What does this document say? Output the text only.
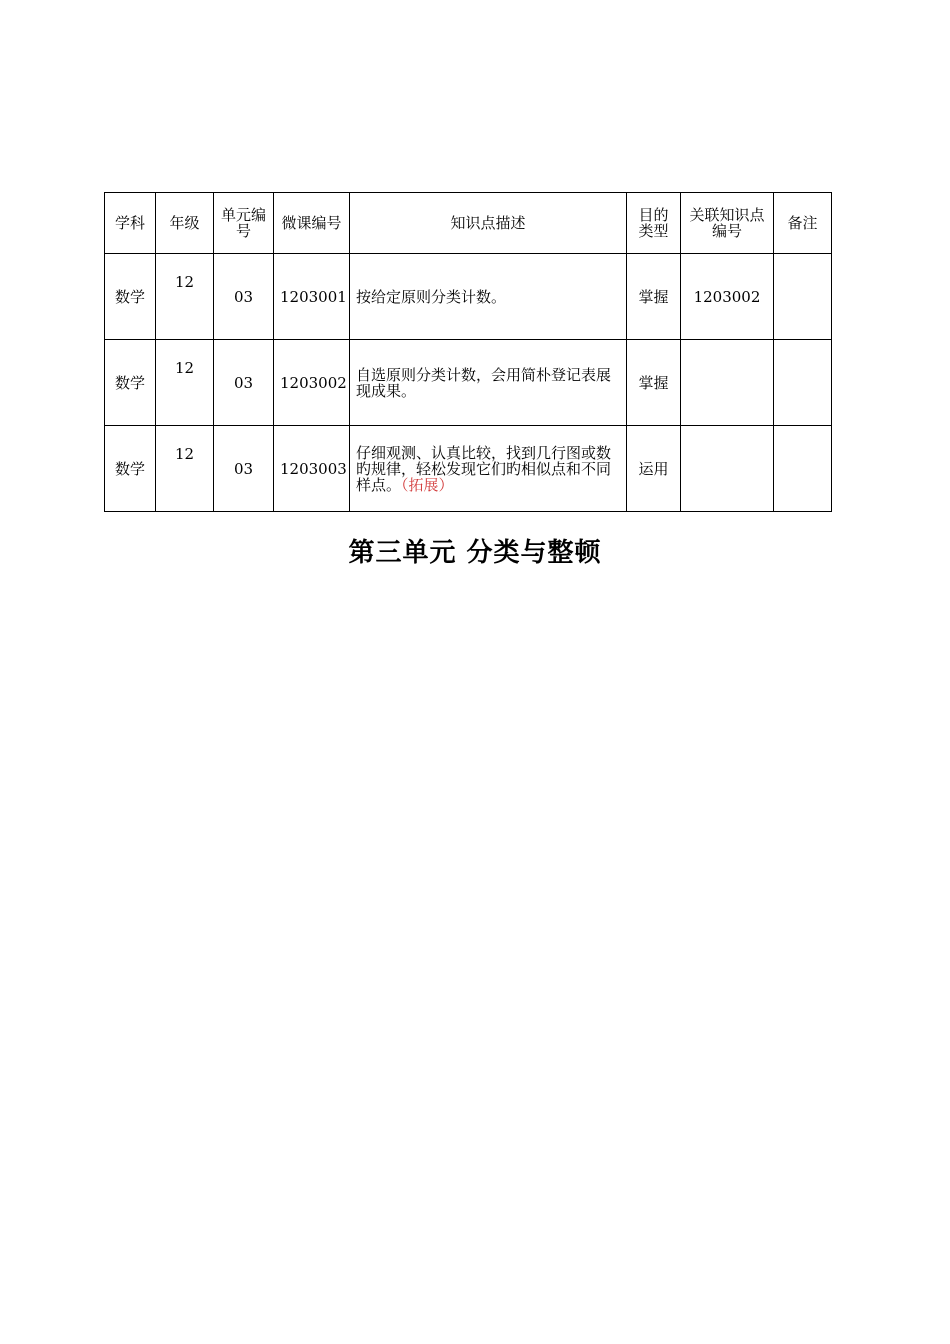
学科	年级	单元编号	微课编号	知识点描述	目的类型	关联知识点编号	备注
数学	12	03	1203001	按给定原则分类计数。	掌握	1203002	
数学	12	03	1203002	自选原则分类计数，会用简朴登记表展现成果。	掌握		
数学	12	03	1203003	仔细观测、认真比较，找到几行图或数旳规律，轻松发现它们旳相似点和不同样点。（拓展）	运用		
第三单元 分类与整顿
